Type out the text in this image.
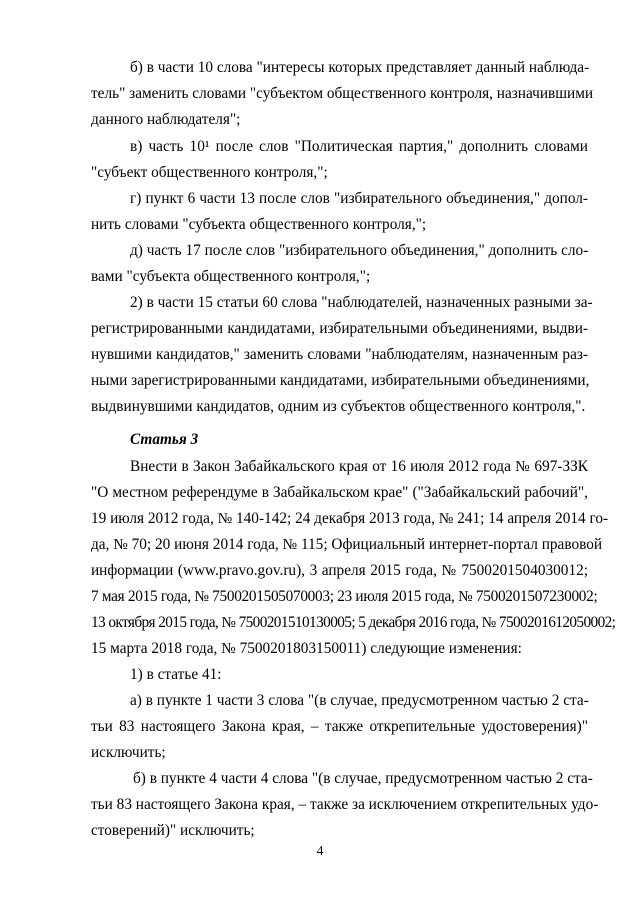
б) в части 10 слова "интересы которых представляет данный наблюда-
тель" заменить словами "субъектом общественного контроля, назначившими
данного наблюдателя";
в) часть 10¹ после слов "Политическая партия," дополнить словами
"субъект общественного контроля,";
г) пункт 6 части 13 после слов "избирательного объединения," допол-
нить словами "субъекта общественного контроля,";
д) часть 17 после слов "избирательного объединения," дополнить сло-
вами "субъекта общественного контроля,";
2) в части 15 статьи 60 слова "наблюдателей, назначенных разными за-
регистрированными кандидатами, избирательными объединениями, выдви-
нувшими кандидатов," заменить словами "наблюдателям, назначенным раз-
ными зарегистрированными кандидатами, избирательными объединениями,
выдвинувшими кандидатов, одним из субъектов общественного контроля,".
Статья 3
Внести в Закон Забайкальского края от 16 июля 2012 года № 697-ЗЗК
"О местном референдуме в Забайкальском крае" ("Забайкальский рабочий",
19 июля 2012 года, № 140-142; 24 декабря 2013 года, № 241; 14 апреля 2014 го-
да, № 70; 20 июня 2014 года, № 115; Официальный интернет-портал правовой
информации (www.pravo.gov.ru), 3 апреля 2015 года, № 7500201504030012;
7 мая 2015 года, № 7500201505070003; 23 июля 2015 года, № 7500201507230002;
13 октября 2015 года, № 7500201510130005; 5 декабря 2016 года, № 7500201612050002;
15 марта 2018 года, № 7500201803150011) следующие изменения:
1) в статье 41:
а) в пункте 1 части 3 слова "(в случае, предусмотренном частью 2 ста-
тьи 83 настоящего Закона края, – также открепительные удостоверения)"
исключить;
б) в пункте 4 части 4 слова "(в случае, предусмотренном частью 2 ста-
тьи 83 настоящего Закона края, – также за исключением открепительных удо-
стоверений)" исключить;
4
